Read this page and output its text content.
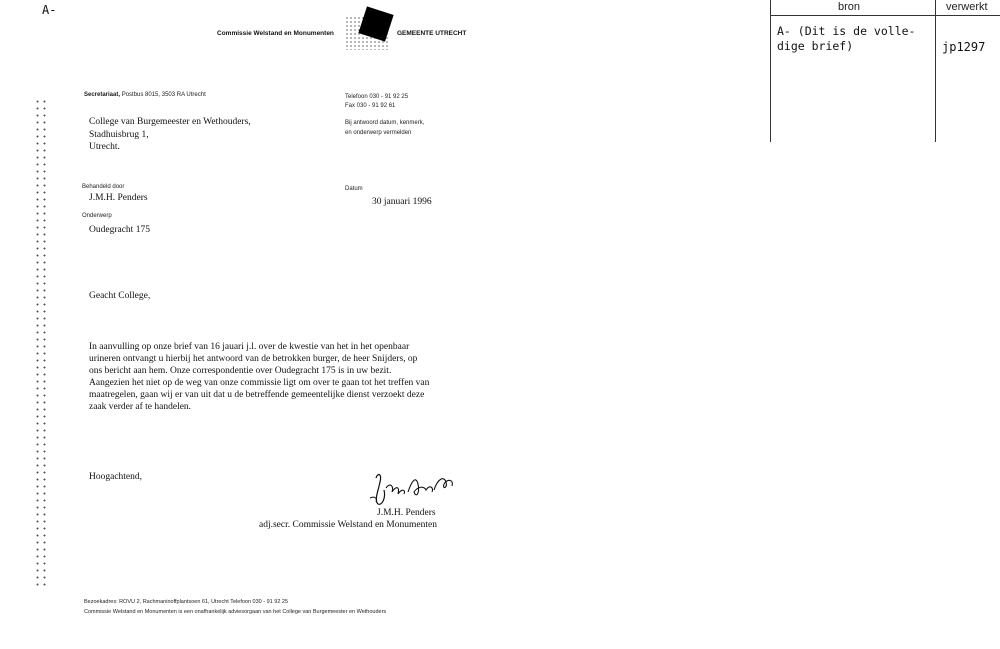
A-
Commissie Welstand en Monumenten	GEMEENTE UTRECHT
Secretariaat, Postbus 8015, 3503 RA Utrecht	Telefoon 030 - 91 92 25
Fax 030 - 91 92 61
Bij antwoord datum, kenmerk,
en onderwerp vermelden
College van Burgemeester en Wethouders,
Stadhuisbrug 1,
Utrecht.
Behandeld door
J.M.H. Penders
Datum
30 januari 1996
Onderwerp
Oudegracht 175
Geacht College,
In aanvulling op onze brief van 16 jauari j.l. over de kwestie van het in het openbaar
urineren ontvangt u hierbij het antwoord van de betrokken burger, de heer Snijders, op
ons bericht aan hem. Onze correspondentie over Oudegracht 175 is in uw bezit.
Aangezien het niet op de weg van onze commissie ligt om over te gaan tot het treffen van
maatregelen, gaan wij er van uit dat u de betreffende gemeentelijke dienst verzoekt deze
zaak verder af te handelen.
Hoogachtend,
J.M.H. Penders
adj.secr. Commissie Welstand en Monumenten
Bezoekadres: ROVU 2, Rachmaninoffplantsoen 61, Utrecht Telefoon 030 - 91 92 25
Commissie Welstand en Monumenten is een onafhankelijk adviesorgaan van het College van Burgemeester en Wethouders
bron	verwerkt
A- (Dit is de volle-
dige brief)	jp1297
